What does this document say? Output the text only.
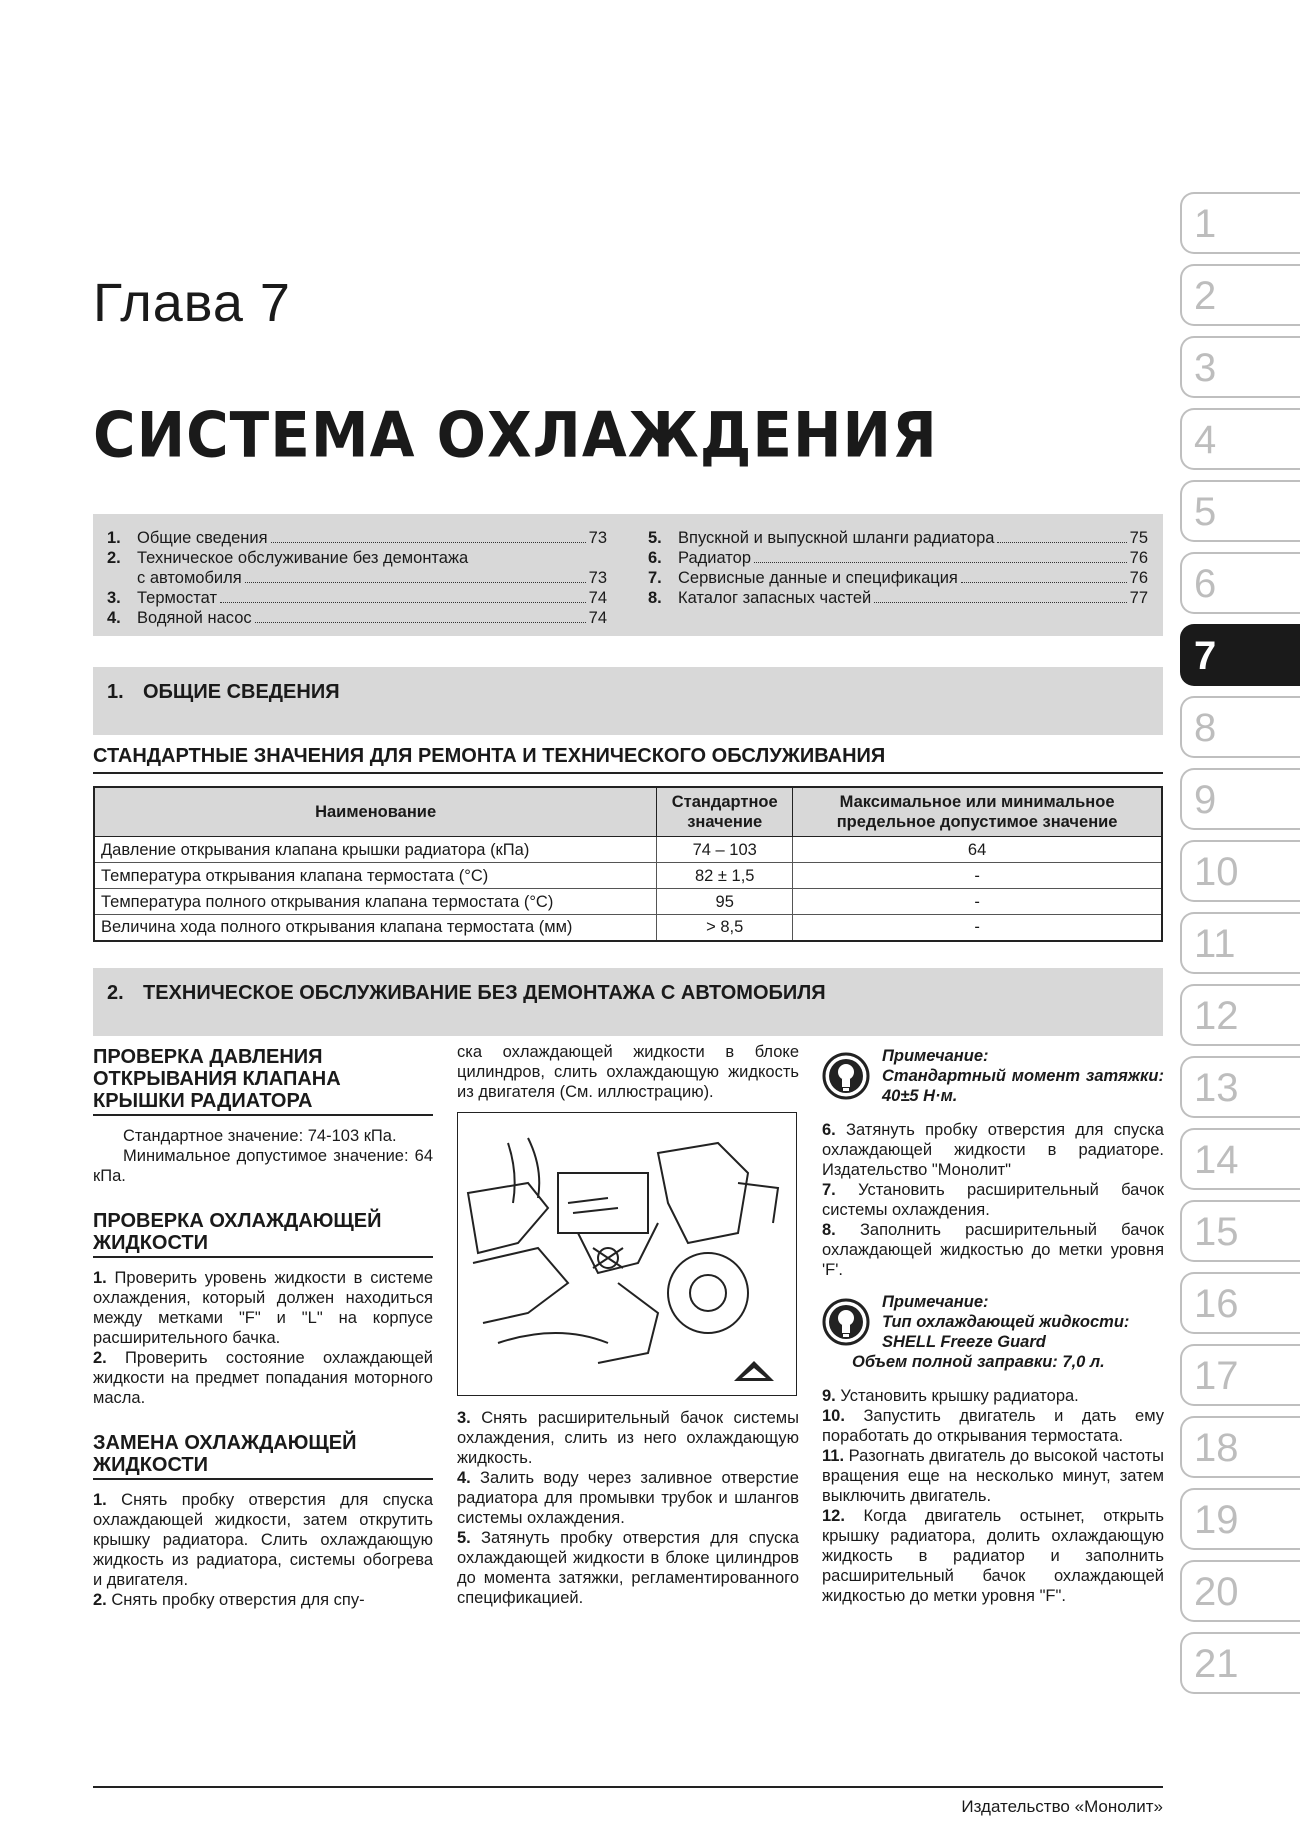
Глава 7
СИСТЕМА ОХЛАЖДЕНИЯ
1. Общие сведения	73
2. Техническое обслуживание без демонтажа
с автомобиля	73
3. Термостат	74
4. Водяной насос	74
5. Впускной и выпускной шланги радиатора	75
6. Радиатор	76
7. Сервисные данные и спецификация	76
8. Каталог запасных частей	77
1. ОБЩИЕ СВЕДЕНИЯ
СТАНДАРТНЫЕ ЗНАЧЕНИЯ ДЛЯ РЕМОНТА И ТЕХНИЧЕСКОГО ОБСЛУЖИВАНИЯ
Наименование	Стандартное значение	Максимальное или минимальное предельное допустимое значение
Давление открывания клапана крышки радиатора (кПа)	74 – 103	64
Температура открывания клапана термостата (°С)	82 ± 1,5	-
Температура полного открывания клапана термостата (°С)	95	-
Величина хода полного открывания клапана термостата (мм)	> 8,5	-
2. ТЕХНИЧЕСКОЕ ОБСЛУЖИВАНИЕ БЕЗ ДЕМОНТАЖА С АВТОМОБИЛЯ
ПРОВЕРКА ДАВЛЕНИЯ ОТКРЫВАНИЯ КЛАПАНА КРЫШКИ РАДИАТОРА
Стандартное значение: 74-103 кПа.
Минимальное допустимое значение: 64 кПа.
ПРОВЕРКА ОХЛАЖДАЮЩЕЙ ЖИДКОСТИ
1. Проверить уровень жидкости в системе охлаждения, который должен находиться между метками "F" и "L" на корпусе расширительного бачка.
2. Проверить состояние охлаждающей жидкости на предмет попадания моторного масла.
ЗАМЕНА ОХЛАЖДАЮЩЕЙ ЖИДКОСТИ
1. Снять пробку отверстия для спуска охлаждающей жидкости, затем открутить крышку радиатора. Слить охлаждающую жидкость из радиатора, системы обогрева и двигателя.
2. Снять пробку отверстия для спу-
ска охлаждающей жидкости в блоке цилиндров, слить охлаждающую жидкость из двигателя (См. иллюстрацию).
3. Снять расширительный бачок системы охлаждения, слить из него охлаждающую жидкость.
4. Залить воду через заливное отверстие радиатора для промывки трубок и шлангов системы охлаждения.
5. Затянуть пробку отверстия для спуска охлаждающей жидкости в блоке цилиндров до момента затяжки, регламентированного спецификацией.
Примечание:
Стандартный момент затяжки: 40±5 Н·м.
6. Затянуть пробку отверстия для спуска охлаждающей жидкости в радиаторе. Издательство "Монолит"
7. Установить расширительный бачок системы охлаждения.
8. Заполнить расширительный бачок охлаждающей жидкостью до метки уровня 'F'.
Примечание:
Тип охлаждающей жидкости:
SHELL Freeze Guard
Объем полной заправки: 7,0 л.
9. Установить крышку радиатора.
10. Запустить двигатель и дать ему поработать до открывания термостата.
11. Разогнать двигатель до высокой частоты вращения еще на несколько минут, затем выключить двигатель.
12. Когда двигатель остынет, открыть крышку радиатора, долить охлаждающую жидкость в радиатор и заполнить расширительный бачок охлаждающей жидкостью до метки уровня "F".
1
2
3
4
5
6
7
8
9
10
11
12
13
14
15
16
17
18
19
20
21
Издательство «Монолит»
